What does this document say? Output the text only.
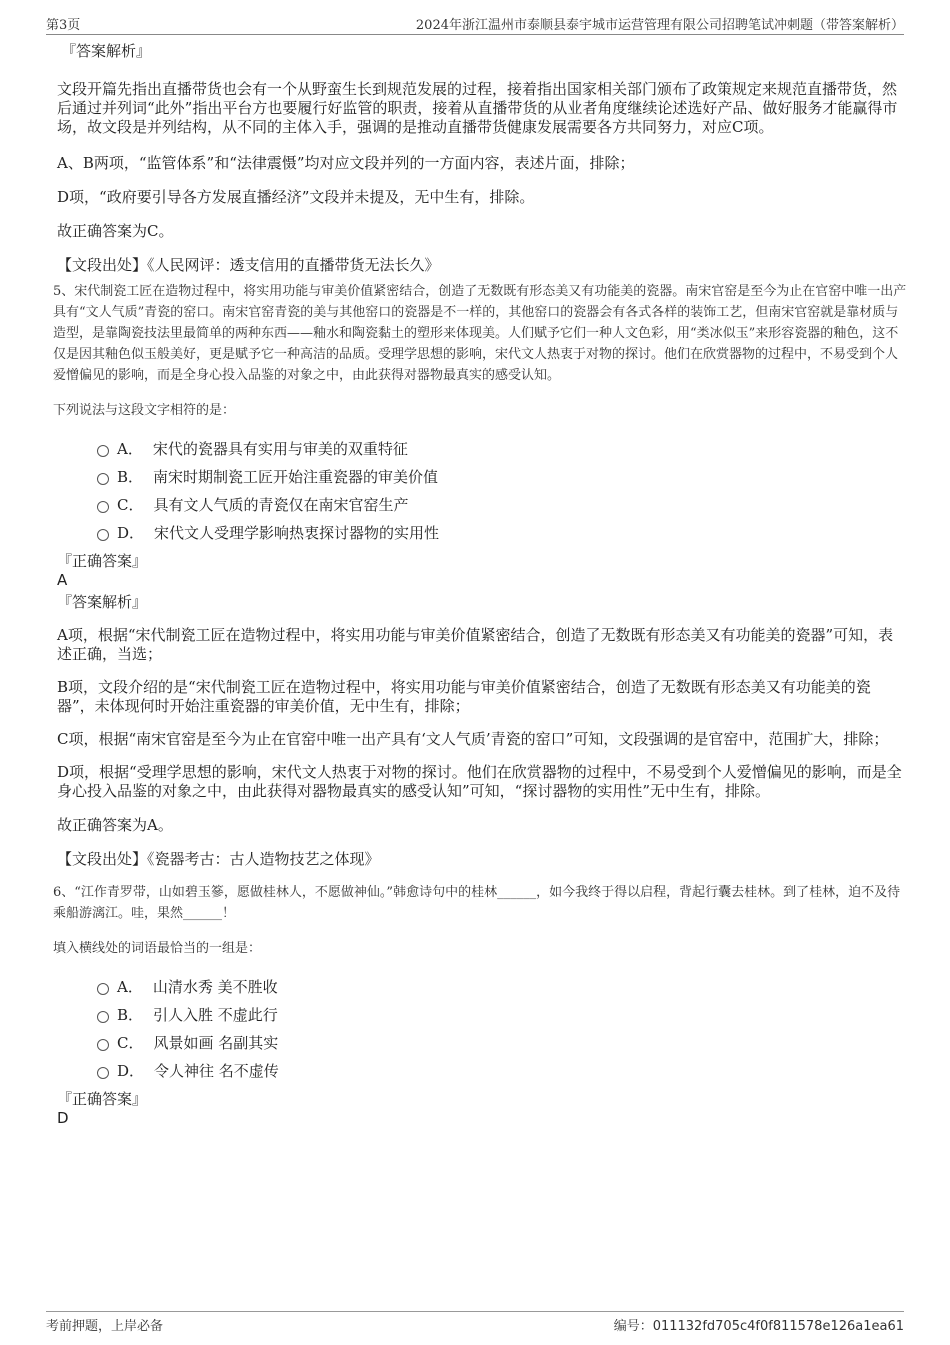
第3页	2024年浙江温州市泰顺县泰宇城市运营管理有限公司招聘笔试冲刺题（带答案解析）
『答案解析』

文段开篇先指出直播带货也会有一个从野蛮生长到规范发展的过程，接着指出国家相关部门颁布了政策规定来规范直播带货，然后通过并列词“此外”指出平台方也要履行好监管的职责，接着从直播带货的从业者角度继续论述选好产品、做好服务才能赢得市场，故文段是并列结构，从不同的主体入手，强调的是推动直播带货健康发展需要各方共同努力，对应C项。

A、B两项，“监管体系”和“法律震慑”均对应文段并列的一方面内容，表述片面，排除；

D项，“政府要引导各方发展直播经济”文段并未提及，无中生有，排除。

故正确答案为C。

【文段出处】《人民网评：透支信用的直播带货无法长久》

5、宋代制瓷工匠在造物过程中，将实用功能与审美价值紧密结合，创造了无数既有形态美又有功能美的瓷器。南宋官窑是至今为止在官窑中唯一出产具有“文人气质”青瓷的窑口。南宋官窑青瓷的美与其他窑口的瓷器是不一样的，其他窑口的瓷器会有各式各样的装饰工艺，但南宋官窑就是靠材质与造型，是靠陶瓷技法里最简单的两种东西——釉水和陶瓷黏土的塑形来体现美。人们赋予它们一种人文色彩，用“类冰似玉”来形容瓷器的釉色，这不仅是因其釉色似玉般美好，更是赋予它一种高洁的品质。受理学思想的影响，宋代文人热衷于对物的探讨。他们在欣赏器物的过程中，不易受到个人爱憎偏见的影响，而是全身心投入品鉴的对象之中，由此获得对器物最真实的感受认知。

下列说法与这段文字相符的是：

A． 宋代的瓷器具有实用与审美的双重特征
B． 南宋时期制瓷工匠开始注重瓷器的审美价值
C． 具有文人气质的青瓷仅在南宋官窑生产
D． 宋代文人受理学影响热衷探讨器物的实用性
『正确答案』
A
『答案解析』

A项，根据“宋代制瓷工匠在造物过程中，将实用功能与审美价值紧密结合，创造了无数既有形态美又有功能美的瓷器”可知，表述正确，当选；

B项，文段介绍的是“宋代制瓷工匠在造物过程中，将实用功能与审美价值紧密结合，创造了无数既有形态美又有功能美的瓷器”，未体现何时开始注重瓷器的审美价值，无中生有，排除；

C项，根据“南宋官窑是至今为止在官窑中唯一出产具有‘文人气质’青瓷的窑口”可知，文段强调的是官窑中，范围扩大，排除；

D项，根据“受理学思想的影响，宋代文人热衷于对物的探讨。他们在欣赏器物的过程中，不易受到个人爱憎偏见的影响，而是全身心投入品鉴的对象之中，由此获得对器物最真实的感受认知”可知，“探讨器物的实用性”无中生有，排除。

故正确答案为A。

【文段出处】《瓷器考古：古人造物技艺之体现》

6、“江作青罗带，山如碧玉篸，愿做桂林人，不愿做神仙。”韩愈诗句中的桂林______，如今我终于得以启程，背起行囊去桂林。到了桂林，迫不及待乘船游漓江。哇，果然______！

填入横线处的词语最恰当的一组是：

A． 山清水秀 美不胜收
B． 引人入胜 不虚此行
C． 风景如画 名副其实
D． 令人神往 名不虚传
『正确答案』
D
考前押题，上岸必备	编号：011132fd705c4f0f811578e126a1ea61
